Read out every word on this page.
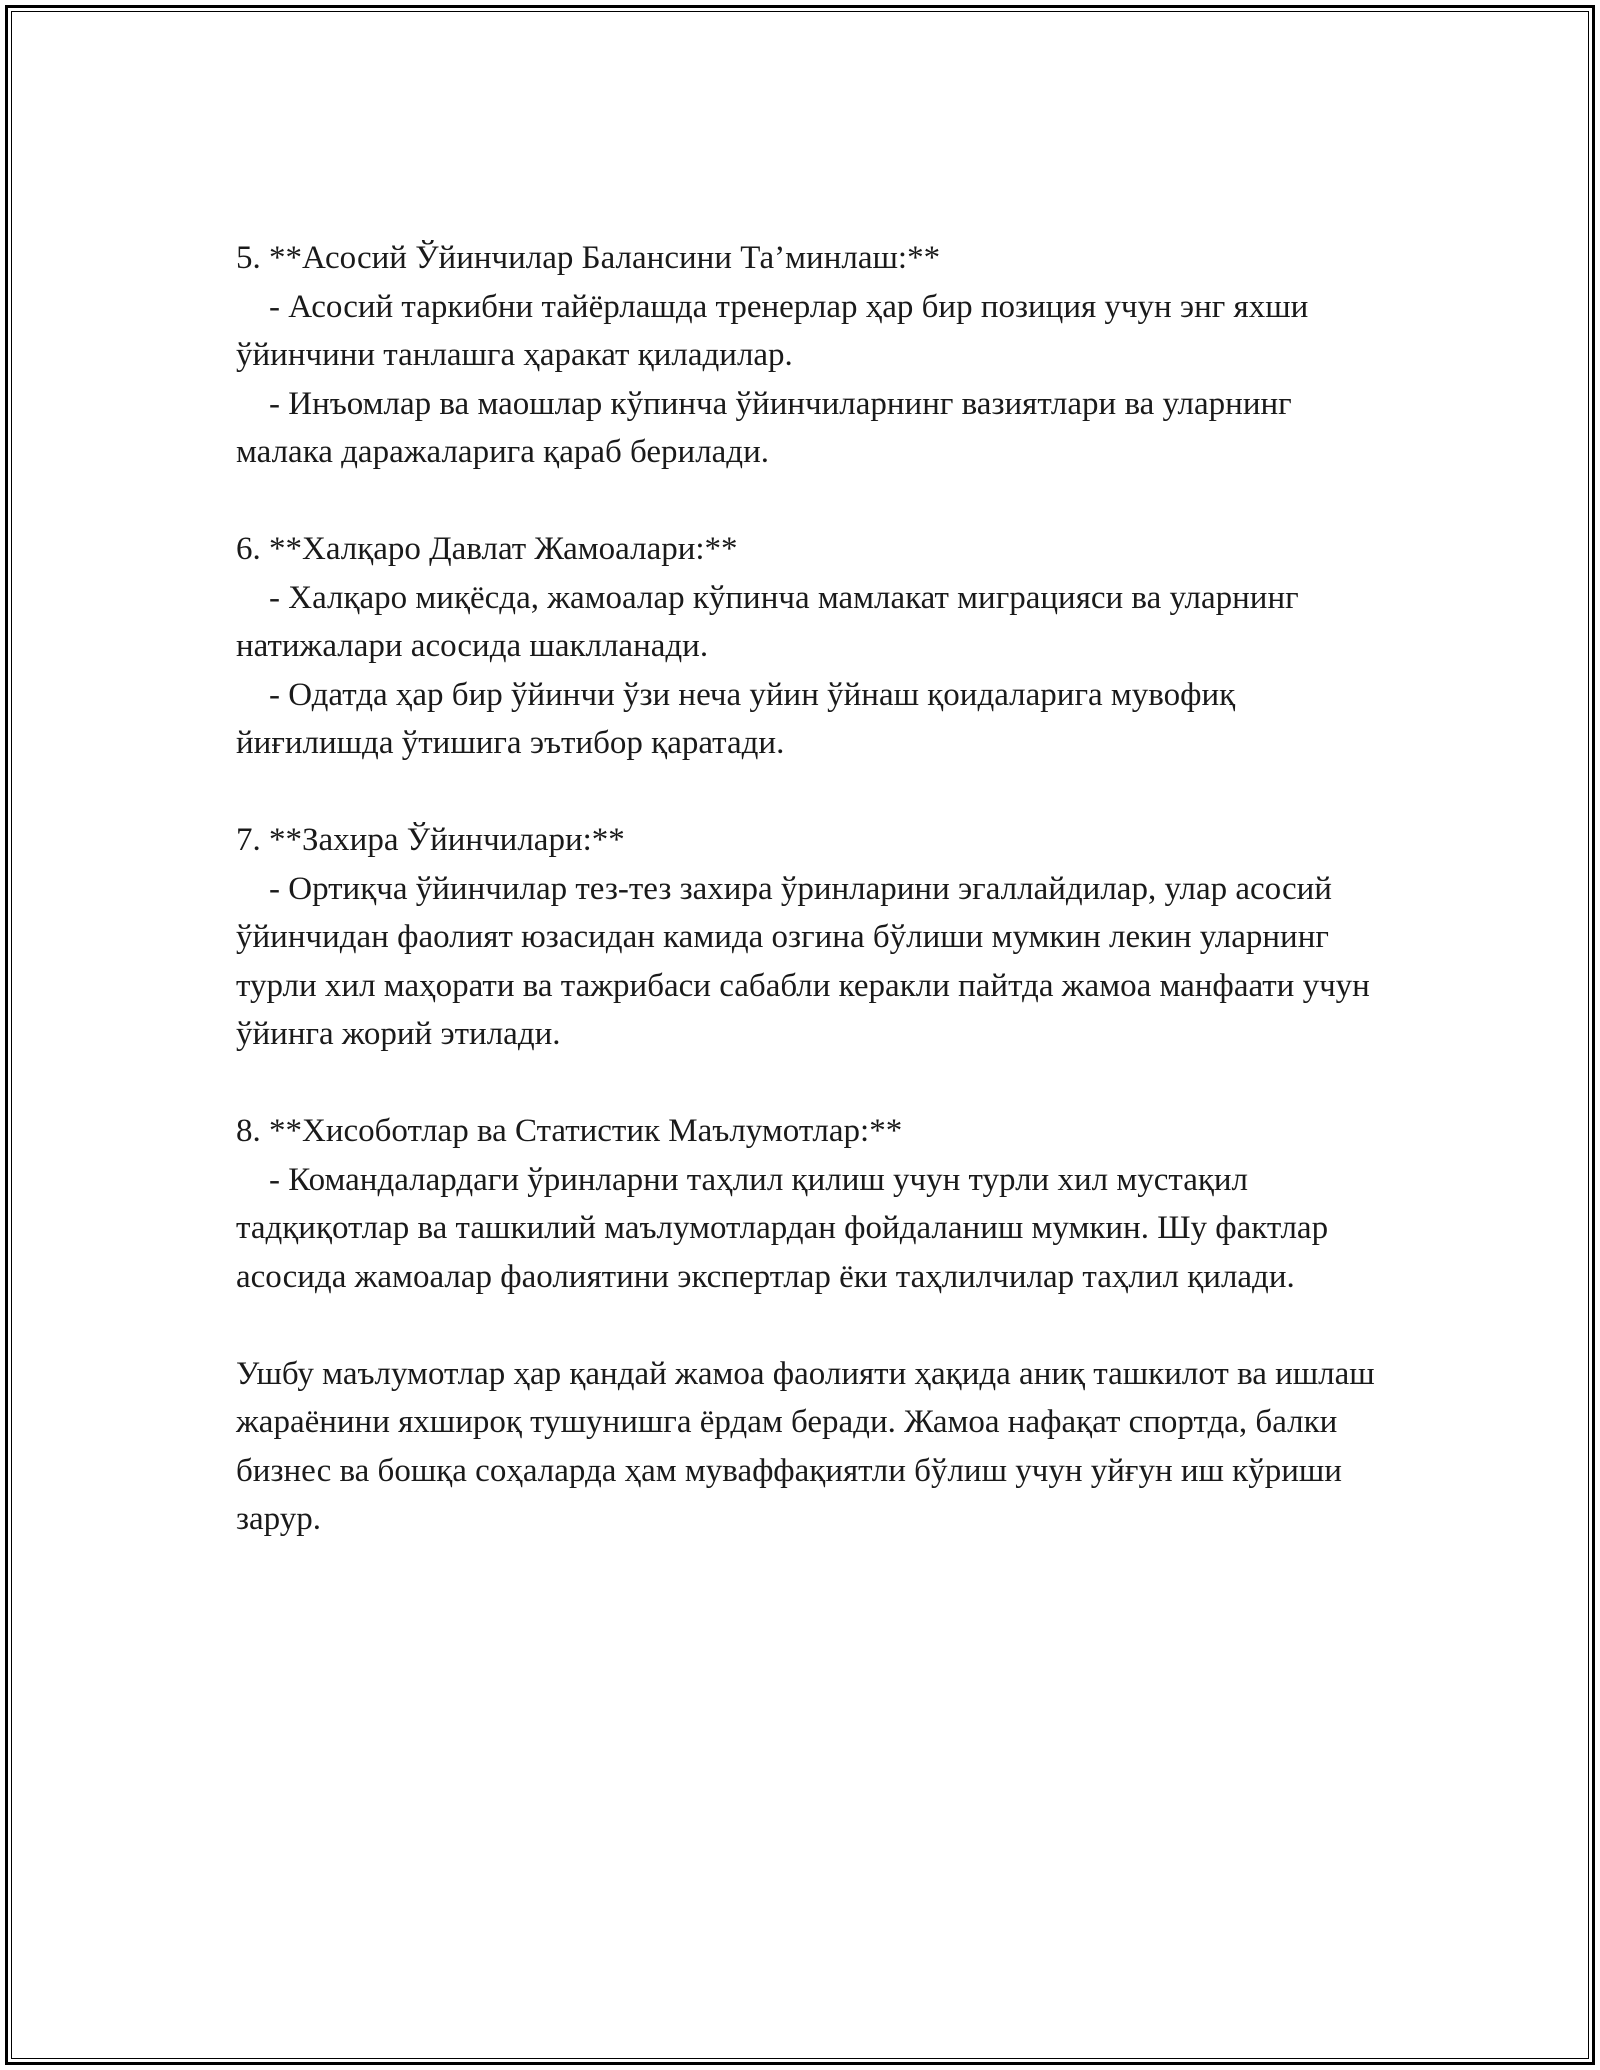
5. **Асосий Ўйинчилар Балансини Та’минлаш:**

- Асосий таркибни тайёрлашда тренерлар ҳар бир позиция учун энг яхши ўйинчини танлашга ҳаракат қиладилар.

- Инъомлар ва маошлар кўпинча ўйинчиларнинг вазиятлари ва уларнинг малака даражаларига қараб берилади.

6. **Халқаро Давлат Жамоалари:**

- Халқаро миқёсда, жамоалар кўпинча мамлакат миграцияси ва уларнинг натижалари асосида шаклланади.

- Одатда ҳар бир ўйинчи ўзи неча уйин ўйнаш қоидаларига мувофиқ йиғилишда ўтишига эътибор қаратади.

7. **Захира Ўйинчилари:**

- Ортиқча ўйинчилар тез-тез захира ўринларини эгаллайдилар, улар асосий ўйинчидан фаолият юзасидан камида озгина бўлиши мумкин лекин уларнинг турли хил маҳорати ва тажрибаси сабабли керакли пайтда жамоа манфаати учун ўйинга жорий этилади.

8. **Хисоботлар ва Статистик Маълумотлар:**

- Командалардаги ўринларни таҳлил қилиш учун турли хил мустақил тадқиқотлар ва ташкилий маълумотлардан фойдаланиш мумкин. Шу фактлар асосида жамоалар фаолиятини экспертлар ёки таҳлилчилар таҳлил қилади.

Ушбу маълумотлар ҳар қандай жамоа фаолияти ҳақида аниқ ташкилот ва ишлаш жараёнини яхшироқ тушунишга ёрдам беради. Жамоа нафақат спортда, балки бизнес ва бошқа соҳаларда ҳам муваффақиятли бўлиш учун уйғун иш кўриши зарур.
